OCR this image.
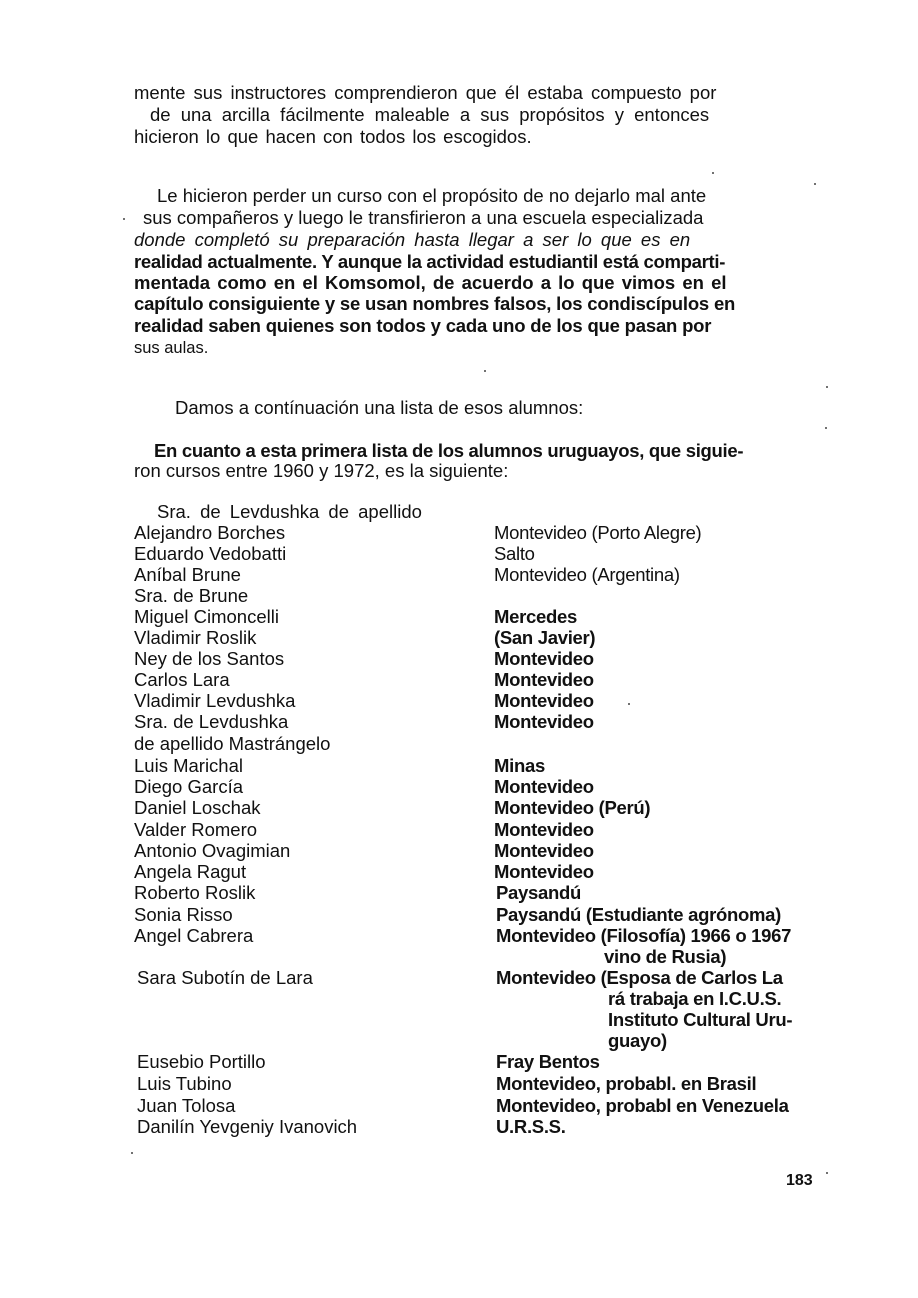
mente sus instructores comprendieron que él estaba compuesto por
de una arcilla fácilmente maleable a sus propósitos y entonces
hicieron lo que hacen con todos los escogidos.
Le hicieron perder un curso con el propósito de no dejarlo mal ante
sus compañeros y luego le transfirieron a una escuela especializada
donde completó su preparación hasta llegar a ser lo que es en
realidad actualmente. Y aunque la actividad estudiantil está comparti-
mentada como en el Komsomol, de acuerdo a lo que vimos en el
capítulo consiguiente y se usan nombres falsos, los condiscípulos en
realidad saben quienes son todos y cada uno de los que pasan por
sus aulas.
Damos a contínuación una lista de esos alumnos:
En cuanto a esta primera lista de los alumnos uruguayos, que siguie-
ron cursos entre 1960 y 1972, es la siguiente:
Sra. de Levdushka de apellido
Alejandro Borches
Eduardo Vedobatti
Aníbal Brune
Sra. de Brune
Miguel Cimoncelli
Vladimir Roslik
Ney de los Santos
Carlos Lara
Vladimir Levdushka
Sra. de Levdushka
de apellido Mastrángelo
Luis Marichal
Diego García
Daniel Loschak
Valder Romero
Antonio Ovagimian
Angela Ragut
Roberto Roslik
Sonia Risso
Angel Cabrera
Sara Subotín de Lara
Eusebio Portillo
Luis Tubino
Juan Tolosa
Danilín Yevgeniy Ivanovich
Montevideo (Porto Alegre)
Salto
Montevideo (Argentina)
Mercedes
(San Javier)
Montevideo
Montevideo
Montevideo
Montevideo
Minas
Montevideo
Montevideo (Perú)
Montevideo
Montevideo
Montevideo
Paysandú
Paysandú (Estudiante agrónoma)
Montevideo (Filosofía) 1966 o 1967
vino de Rusia)
Montevideo (Esposa de Carlos La
rá trabaja en I.C.U.S.
Instituto Cultural Uru-
guayo)
Fray Bentos
Montevideo, probabl. en Brasil
Montevideo, probabl en Venezuela
U.R.S.S.
183
